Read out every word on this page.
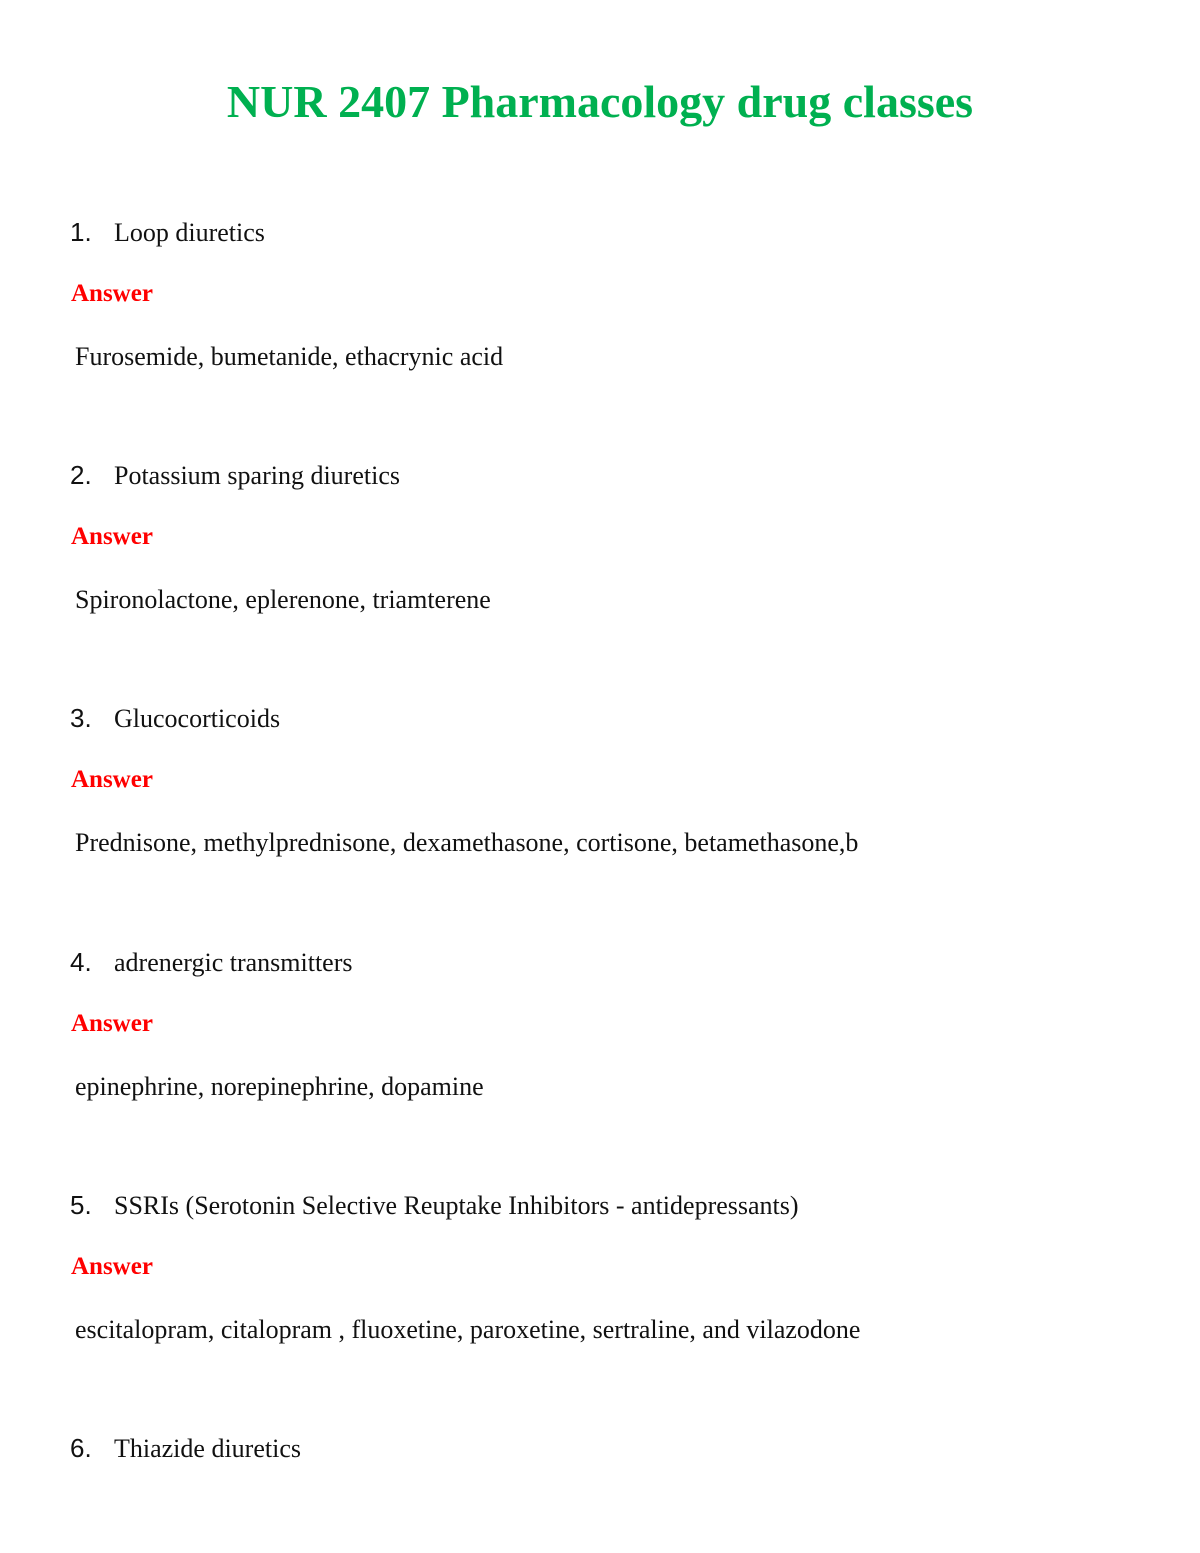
NUR 2407 Pharmacology drug classes
1. Loop diuretics
Answer
Furosemide, bumetanide, ethacrynic acid
2. Potassium sparing diuretics
Answer
Spironolactone, eplerenone, triamterene
3. Glucocorticoids
Answer
Prednisone, methylprednisone, dexamethasone, cortisone, betamethasone,b
4. adrenergic transmitters
Answer
epinephrine, norepinephrine, dopamine
5. SSRIs (Serotonin Selective Reuptake Inhibitors - antidepressants)
Answer
escitalopram, citalopram , fluoxetine, paroxetine, sertraline, and vilazodone
6. Thiazide diuretics
